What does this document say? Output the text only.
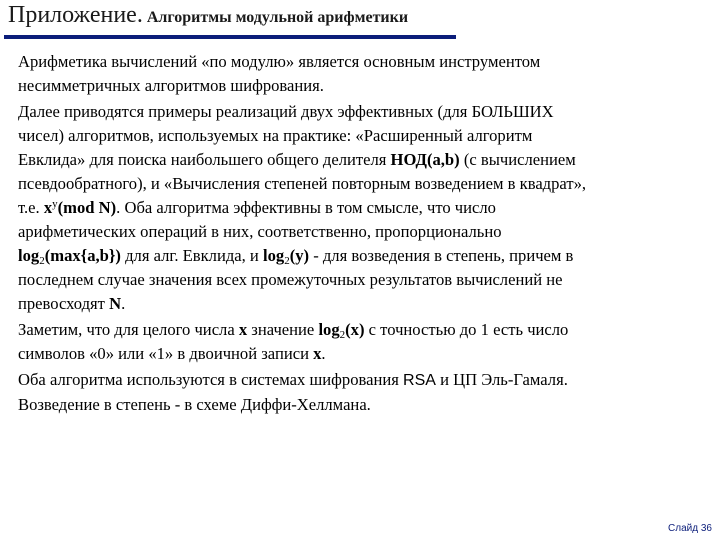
Приложение. Алгоритмы модульной арифметики
Арифметика вычислений «по модулю» является основным инструментом
несимметричных алгоритмов шифрования.
Далее приводятся примеры реализаций двух эффективных (для БОЛЬШИХ
чисел) алгоритмов, используемых на практике: «Расширенный алгоритм
Евклида» для поиска наибольшего общего делителя НОД(a,b) (с вычислением
псевдообратного), и «Вычисления степеней повторным возведением в квадрат»,
т.е. $x^y(mod$ N). Оба алгоритма эффективны в том смысле, что число
арифметических операций в них, соответственно, пропорционально
$\log_2(\max\{a,b\})$ для алг. Евклида, и $\log_2(y)$ - для возведения в степень, причем в
последнем случае значения всех промежуточных результатов вычислений не
превосходят N.
Заметим, что для целого числа x значение $\log_2(x)$ с точностью до 1 есть число
символов «0» или «1» в двоичной записи x.
Оба алгоритма используются в системах шифрования RSA и ЦП Эль-Гамаля.
Возведение в степень - в схеме Диффи-Хеллмана.
Слайд 36
